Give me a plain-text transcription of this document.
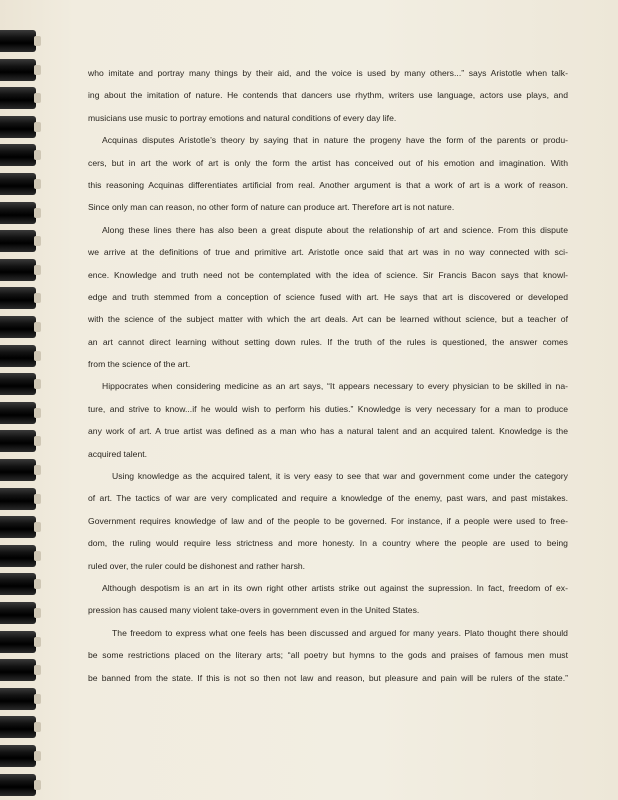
who imitate and portray many things by their aid, and the voice is used by many others...” says Aristotle when talk-
ing about the imitation of nature. He contends that dancers use rhythm, writers use language, actors use plays, and
musicians use music to portray emotions and natural conditions of every day life.
Acquinas disputes Aristotle’s theory by saying that in nature the progeny have the form of the parents or produ-
cers, but in art the work of art is only the form the artist has conceived out of his emotion and imagination. With
this reasoning Acquinas differentiates artificial from real. Another argument is that a work of art is a work of reason.
Since only man can reason, no other form of nature can produce art. Therefore art is not nature.
Along these lines there has also been a great dispute about the relationship of art and science. From this dispute
we arrive at the definitions of true and primitive art. Aristotle once said that art was in no way connected with sci-
ence. Knowledge and truth need not be contemplated with the idea of science. Sir Francis Bacon says that knowl-
edge and truth stemmed from a conception of science fused with art. He says that art is discovered or developed
with the science of the subject matter with which the art deals. Art can be learned without science, but a teacher of
an art cannot direct learning without setting down rules. If the truth of the rules is questioned, the answer comes
from the science of the art.
Hippocrates when considering medicine as an art says, “It appears necessary to every physician to be skilled in na-
ture, and strive to know...if he would wish to perform his duties.” Knowledge is very necessary for a man to produce
any work of art. A true artist was defined as a man who has a natural talent and an acquired talent. Knowledge is the
acquired talent.
Using knowledge as the acquired talent, it is very easy to see that war and government come under the category
of art. The tactics of war are very complicated and require a knowledge of the enemy, past wars, and past mistakes.
Government requires knowledge of law and of the people to be governed. For instance, if a people were used to free-
dom, the ruling would require less strictness and more honesty. In a country where the people are used to being
ruled over, the ruler could be dishonest and rather harsh.
Although despotism is an art in its own right other artists strike out against the supression. In fact, freedom of ex-
pression has caused many violent take-overs in government even in the United States.
The freedom to express what one feels has been discussed and argued for many years. Plato thought there should
be some restrictions placed on the literary arts; “all poetry but hymns to the gods and praises of famous men must
be banned from the state. If this is not so then not law and reason, but pleasure and pain will be rulers of the state.”
